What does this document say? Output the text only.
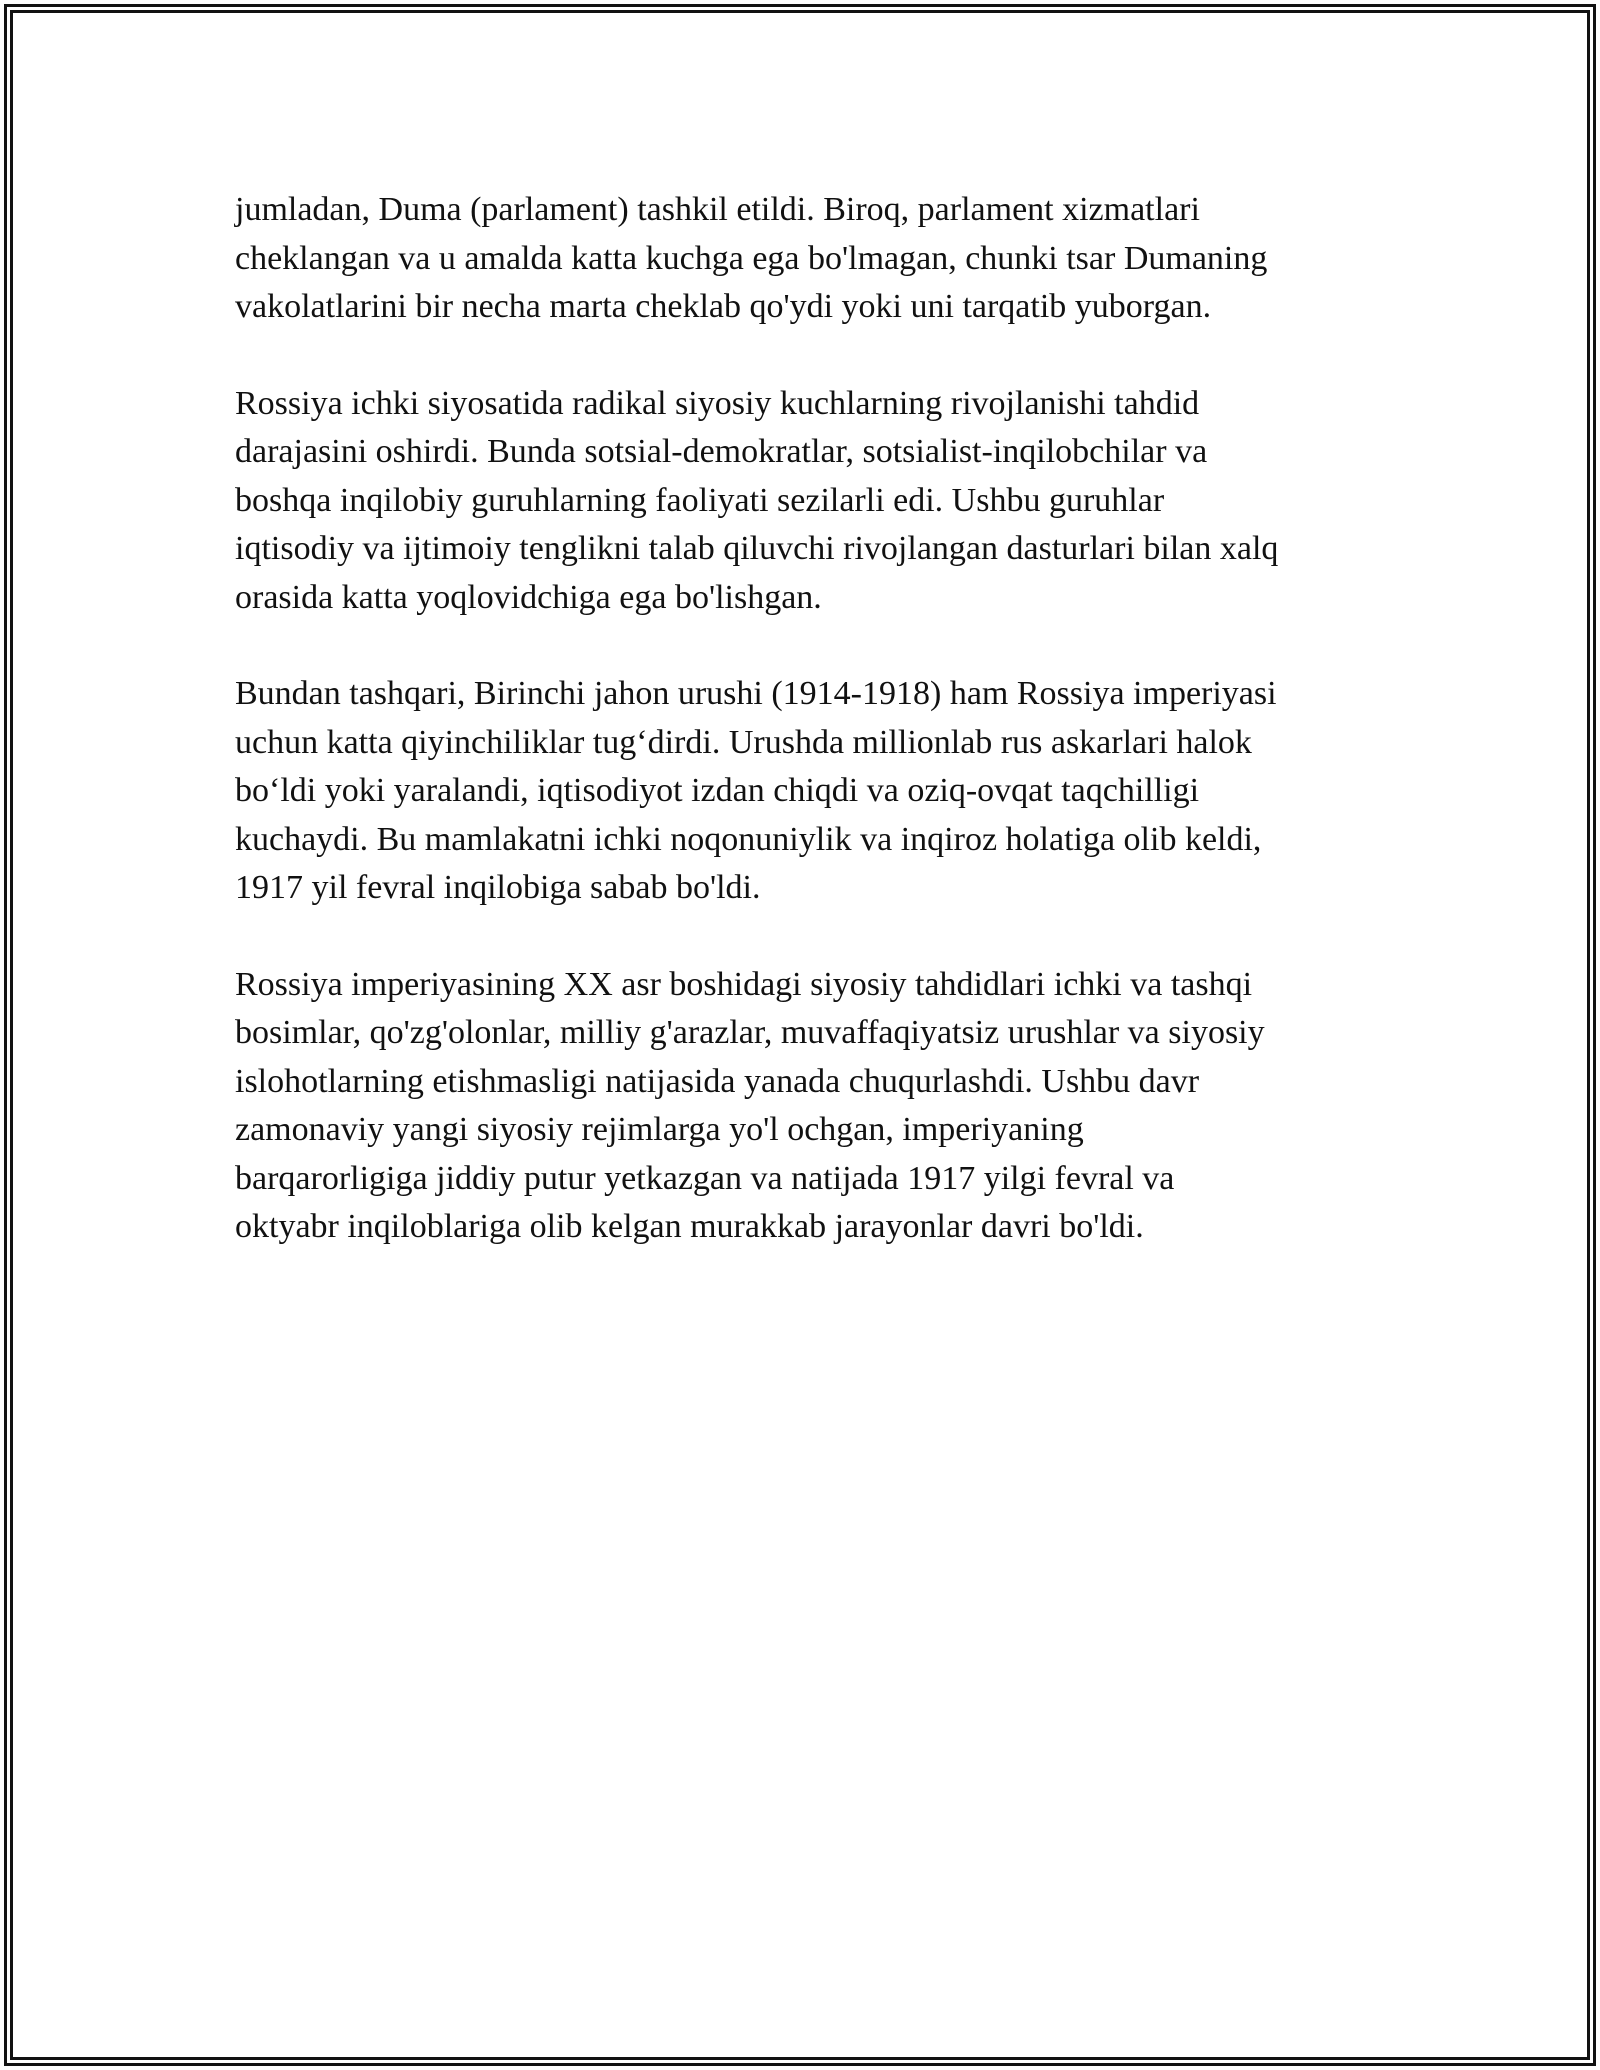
jumladan, Duma (parlament) tashkil etildi. Biroq, parlament xizmatlari
cheklangan va u amalda katta kuchga ega bo'lmagan, chunki tsar Dumaning
vakolatlarini bir necha marta cheklab qo'ydi yoki uni tarqatib yuborgan.

Rossiya ichki siyosatida radikal siyosiy kuchlarning rivojlanishi tahdid
darajasini oshirdi. Bunda sotsial-demokratlar, sotsialist-inqilobchilar va
boshqa inqilobiy guruhlarning faoliyati sezilarli edi. Ushbu guruhlar
iqtisodiy va ijtimoiy tenglikni talab qiluvchi rivojlangan dasturlari bilan xalq
orasida katta yoqlovidchiga ega bo'lishgan.

Bundan tashqari, Birinchi jahon urushi (1914-1918) ham Rossiya imperiyasi
uchun katta qiyinchiliklar tug‘dirdi. Urushda millionlab rus askarlari halok
bo‘ldi yoki yaralandi, iqtisodiyot izdan chiqdi va oziq-ovqat taqchilligi
kuchaydi. Bu mamlakatni ichki noqonuniylik va inqiroz holatiga olib keldi,
1917 yil fevral inqilobiga sabab bo'ldi.

Rossiya imperiyasining XX asr boshidagi siyosiy tahdidlari ichki va tashqi
bosimlar, qo'zg'olonlar, milliy g'arazlar, muvaffaqiyatsiz urushlar va siyosiy
islohotlarning etishmasligi natijasida yanada chuqurlashdi. Ushbu davr
zamonaviy yangi siyosiy rejimlarga yo'l ochgan, imperiyaning
barqarorligiga jiddiy putur yetkazgan va natijada 1917 yilgi fevral va
oktyabr inqiloblariga olib kelgan murakkab jarayonlar davri bo'ldi.
